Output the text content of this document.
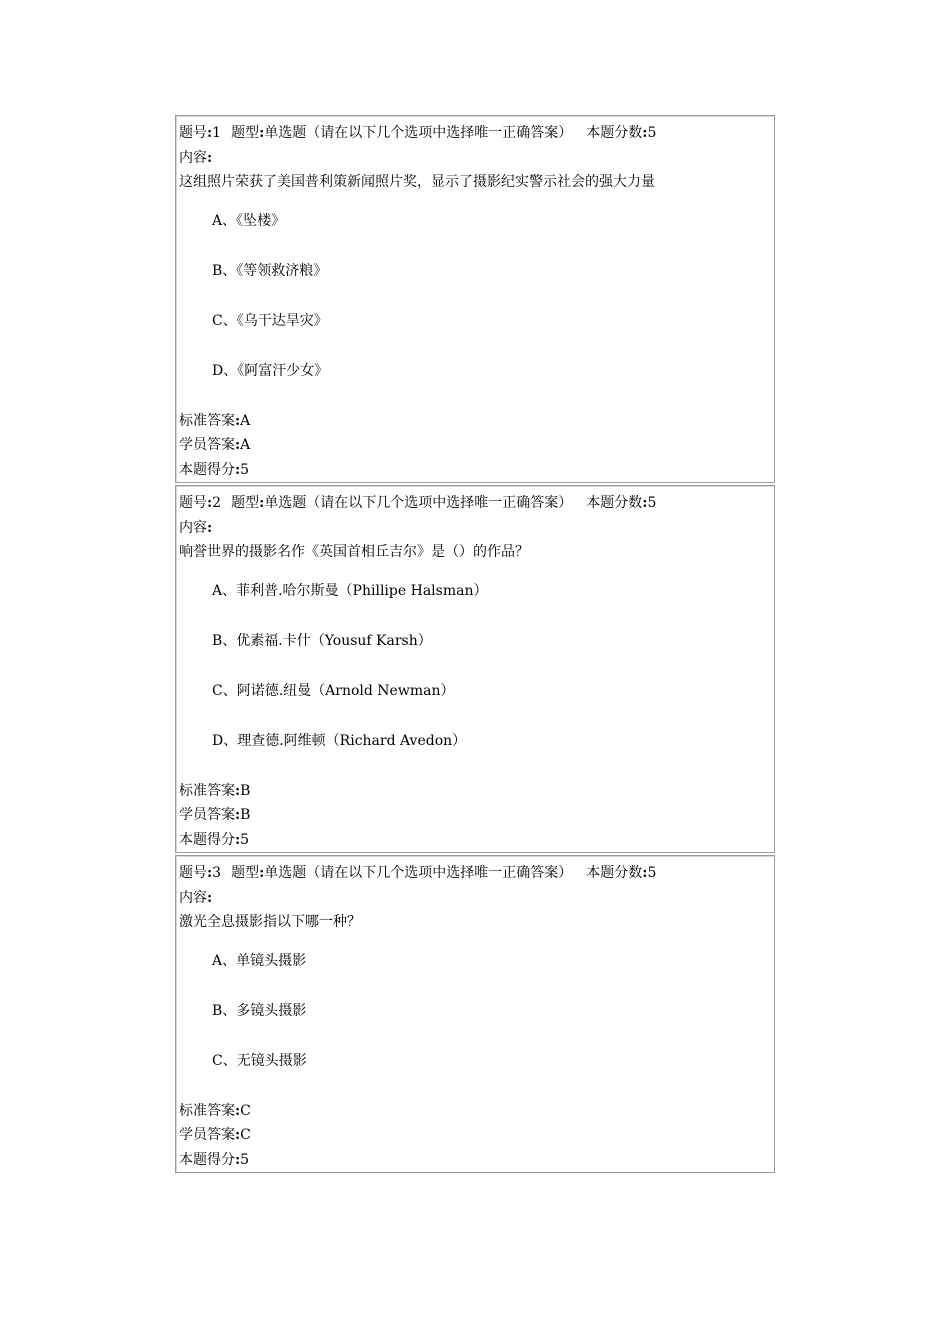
题号:1 题型:单选题（请在以下几个选项中选择唯一正确答案） 本题分数:5
内容:
这组照片荣获了美国普利策新闻照片奖，显示了摄影纪实警示社会的强大力量
A、《坠楼》
B、《等领救济粮》
C、《乌干达旱灾》
D、《阿富汗少女》
标准答案:A
学员答案:A
本题得分:5
题号:2 题型:单选题（请在以下几个选项中选择唯一正确答案） 本题分数:5
内容:
响誉世界的摄影名作《英国首相丘吉尔》是（）的作品？
A、菲利普.哈尔斯曼（Phillipe Halsman）
B、优素福.卡什（Yousuf Karsh）
C、阿诺德.纽曼（Arnold Newman）
D、理查德.阿维顿（Richard Avedon）
标准答案:B
学员答案:B
本题得分:5
题号:3 题型:单选题（请在以下几个选项中选择唯一正确答案） 本题分数:5
内容:
激光全息摄影指以下哪一种？
A、单镜头摄影
B、多镜头摄影
C、无镜头摄影
标准答案:C
学员答案:C
本题得分:5
